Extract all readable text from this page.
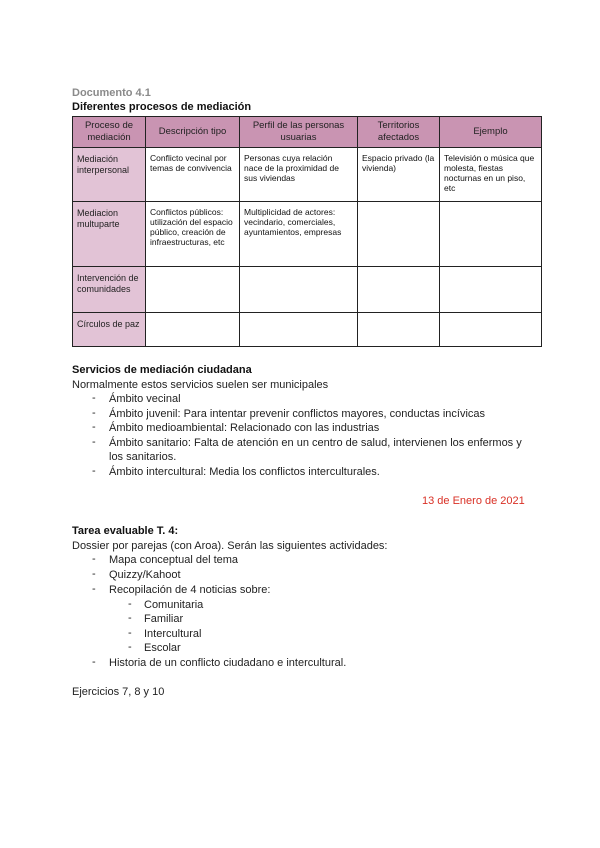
Documento 4.1
Diferentes procesos de mediación
Proceso de mediación	Descripción tipo	Perfil de las personas usuarias	Territorios afectados	Ejemplo
Mediación interpersonal	Conflicto vecinal por temas de convivencia	Personas cuya relación nace de la proximidad de sus viviendas	Espacio privado (la vivienda)	Televisión o música que molesta, fiestas nocturnas en un piso, etc
Mediacion multuparte	Conflictos públicos: utilización del espacio público, creación de infraestructuras, etc	Multiplicidad de actores: vecindario, comerciales, ayuntamientos, empresas		
Intervención de comunidades				
Círculos de paz				
Servicios de mediación ciudadana
Normalmente estos servicios suelen ser municipales
- Ámbito vecinal
- Ámbito juvenil: Para intentar prevenir conflictos mayores, conductas incívicas
- Ámbito medioambiental: Relacionado con las industrias
- Ámbito sanitario: Falta de atención en un centro de salud, intervienen los enfermos y
los sanitarios.
- Ámbito intercultural: Media los conflictos interculturales.
13 de Enero de 2021
Tarea evaluable T. 4:
Dossier por parejas (con Aroa). Serán las siguientes actividades:
- Mapa conceptual del tema
- Quizzy/Kahoot
- Recopilación de 4 noticias sobre:
- Comunitaria
- Familiar
- Intercultural
- Escolar
- Historia de un conflicto ciudadano e intercultural.
Ejercicios 7, 8 y 10
